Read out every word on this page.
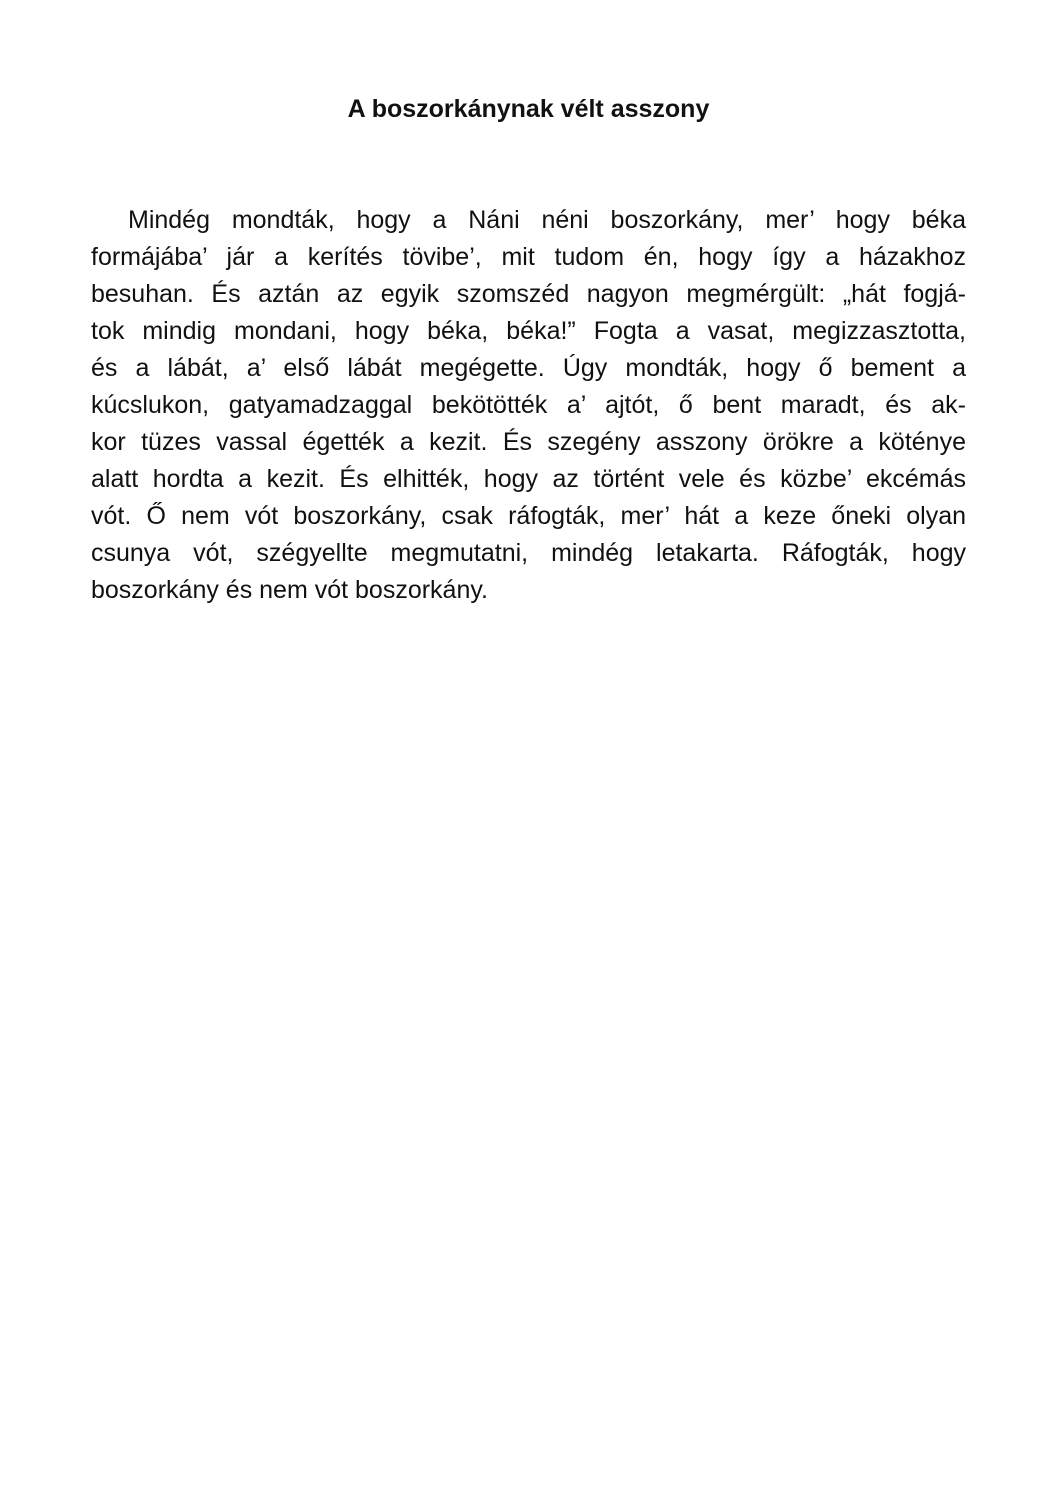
A boszorkánynak vélt asszony
Mindég mondták, hogy a Náni néni boszorkány, mer’ hogy béka
formájába’ jár a kerítés tövibe’, mit tudom én, hogy így a házakhoz
besuhan. És aztán az egyik szomszéd nagyon megmérgült: „hát fogjá-
tok mindig mondani, hogy béka, béka!” Fogta a vasat, megizzasztotta,
és a lábát, a’ első lábát megégette. Úgy mondták, hogy ő bement a
kúcslukon, gatyamadzaggal bekötötték a’ ajtót, ő bent maradt, és ak-
kor tüzes vassal égették a kezit. És szegény asszony örökre a köténye
alatt hordta a kezit. És elhitték, hogy az történt vele és közbe’ ekcémás
vót. Ő nem vót boszorkány, csak ráfogták, mer’ hát a keze őneki olyan
csunya vót, szégyellte megmutatni, mindég letakarta. Ráfogták, hogy
boszorkány és nem vót boszorkány.
